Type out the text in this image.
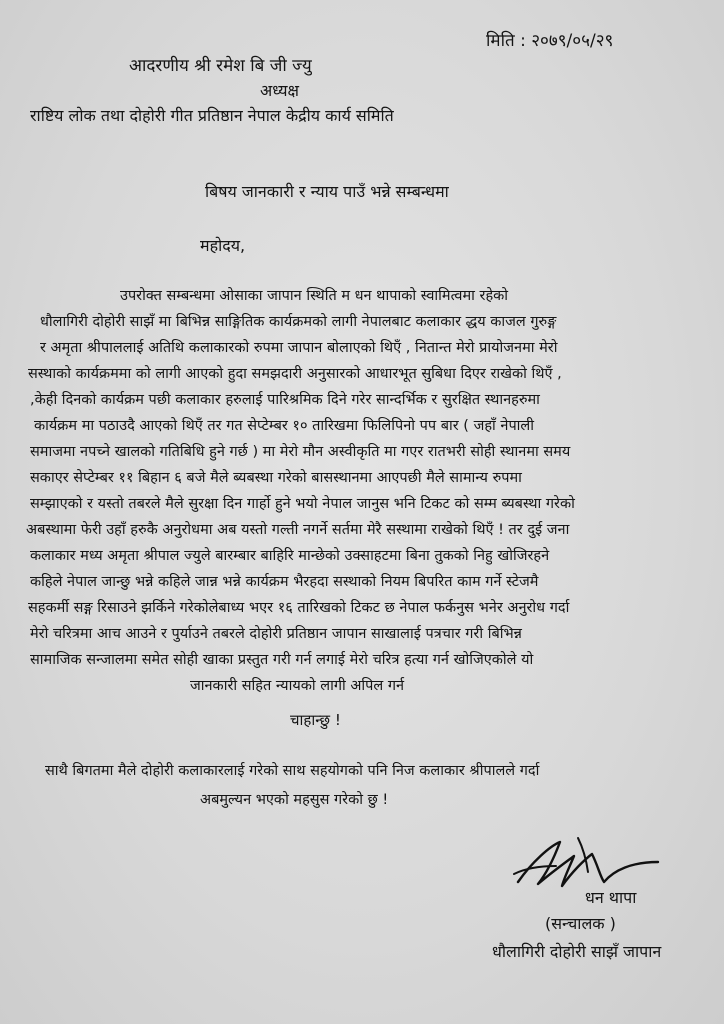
मिति : २०७९/०५/२९
आदरणीय श्री रमेश बि जी ज्यु
अध्यक्ष
राष्टिय लोक तथा दोहोरी गीत प्रतिष्ठान नेपाल केद्रीय कार्य समिति
बिषय जानकारी र न्याय पाउँ भन्ने सम्बन्धमा
महोदय,
उपरोक्त सम्बन्धमा ओसाका जापान स्थिति म धन थापाको स्वामित्वमा रहेको
धौलागिरी दोहोरी साझँ मा बिभिन्न साङ्गितिक कार्यक्रमको लागी नेपालबाट कलाकार द्धय काजल गुरुङ्ग
र अमृता श्रीपाललाई अतिथि कलाकारको रुपमा जापान बोलाएको थिएँ , नितान्त मेरो प्रायोजनमा मेरो
सस्थाको कार्यक्रममा को लागी आएको हुदा समझदारी अनुसारको आधारभूत सुबिधा दिएर राखेको थिएँ ,
,केही दिनको कार्यक्रम पछी कलाकार हरुलाई पारिश्रमिक दिने गरेर सान्दर्भिक र सुरक्षित स्थानहरुमा
कार्यक्रम मा पठाउदै आएको थिएँ तर गत सेप्टेम्बर १० तारिखमा फिलिपिनो पप बार ( जहाँ नेपाली
समाजमा नपच्ने खालको गतिबिधि हुने गर्छ ) मा मेरो मौन अस्वीकृति मा गएर रातभरी सोही स्थानमा समय
सकाएर सेप्टेम्बर ११ बिहान ६ बजे मैले ब्यबस्था गरेको बासस्थानमा आएपछी मैले सामान्य रुपमा
सम्झाएको र यस्तो तबरले मैले सुरक्षा दिन गार्हो हुने भयो नेपाल जानुस भनि टिकट को सम्म ब्यबस्था गरेको
अबस्थामा फेरी उहाँ हरुकै अनुरोधमा अब यस्तो गल्ती नगर्ने सर्तमा मेरै सस्थामा राखेको थिएँ ! तर दुई जना
कलाकार मध्य अमृता श्रीपाल ज्युले बारम्बार बाहिरि मान्छेको उक्साहटमा बिना तुकको निहु खोजिरहने
कहिले नेपाल जान्छु भन्ने कहिले जान्न भन्ने कार्यक्रम भैरहदा सस्थाको नियम बिपरित काम गर्ने स्टेजमै
सहकर्मी सङ्ग रिसाउने झर्किने गरेकोलेबाध्य भएर १६ तारिखको टिकट छ नेपाल फर्कनुस भनेर अनुरोध गर्दा
मेरो चरित्रमा आच आउने र पुर्याउने तबरले दोहोरी प्रतिष्ठान जापान साखालाई पत्रचार गरी बिभिन्न
सामाजिक सन्जालमा समेत सोही खाका प्रस्तुत गरी गर्न लगाई मेरो चरित्र हत्या गर्न खोजिएकोले यो
जानकारी सहित न्यायको लागी अपिल गर्न
चाहान्छु !
साथै बिगतमा मैले दोहोरी कलाकारलाई गरेको साथ सहयोगको पनि निज कलाकार श्रीपालले गर्दा
अबमुल्यन भएको महसुस गरेको छु !
धन थापा
(सन्चालक )
धौलागिरी दोहोरी साझँ जापान
